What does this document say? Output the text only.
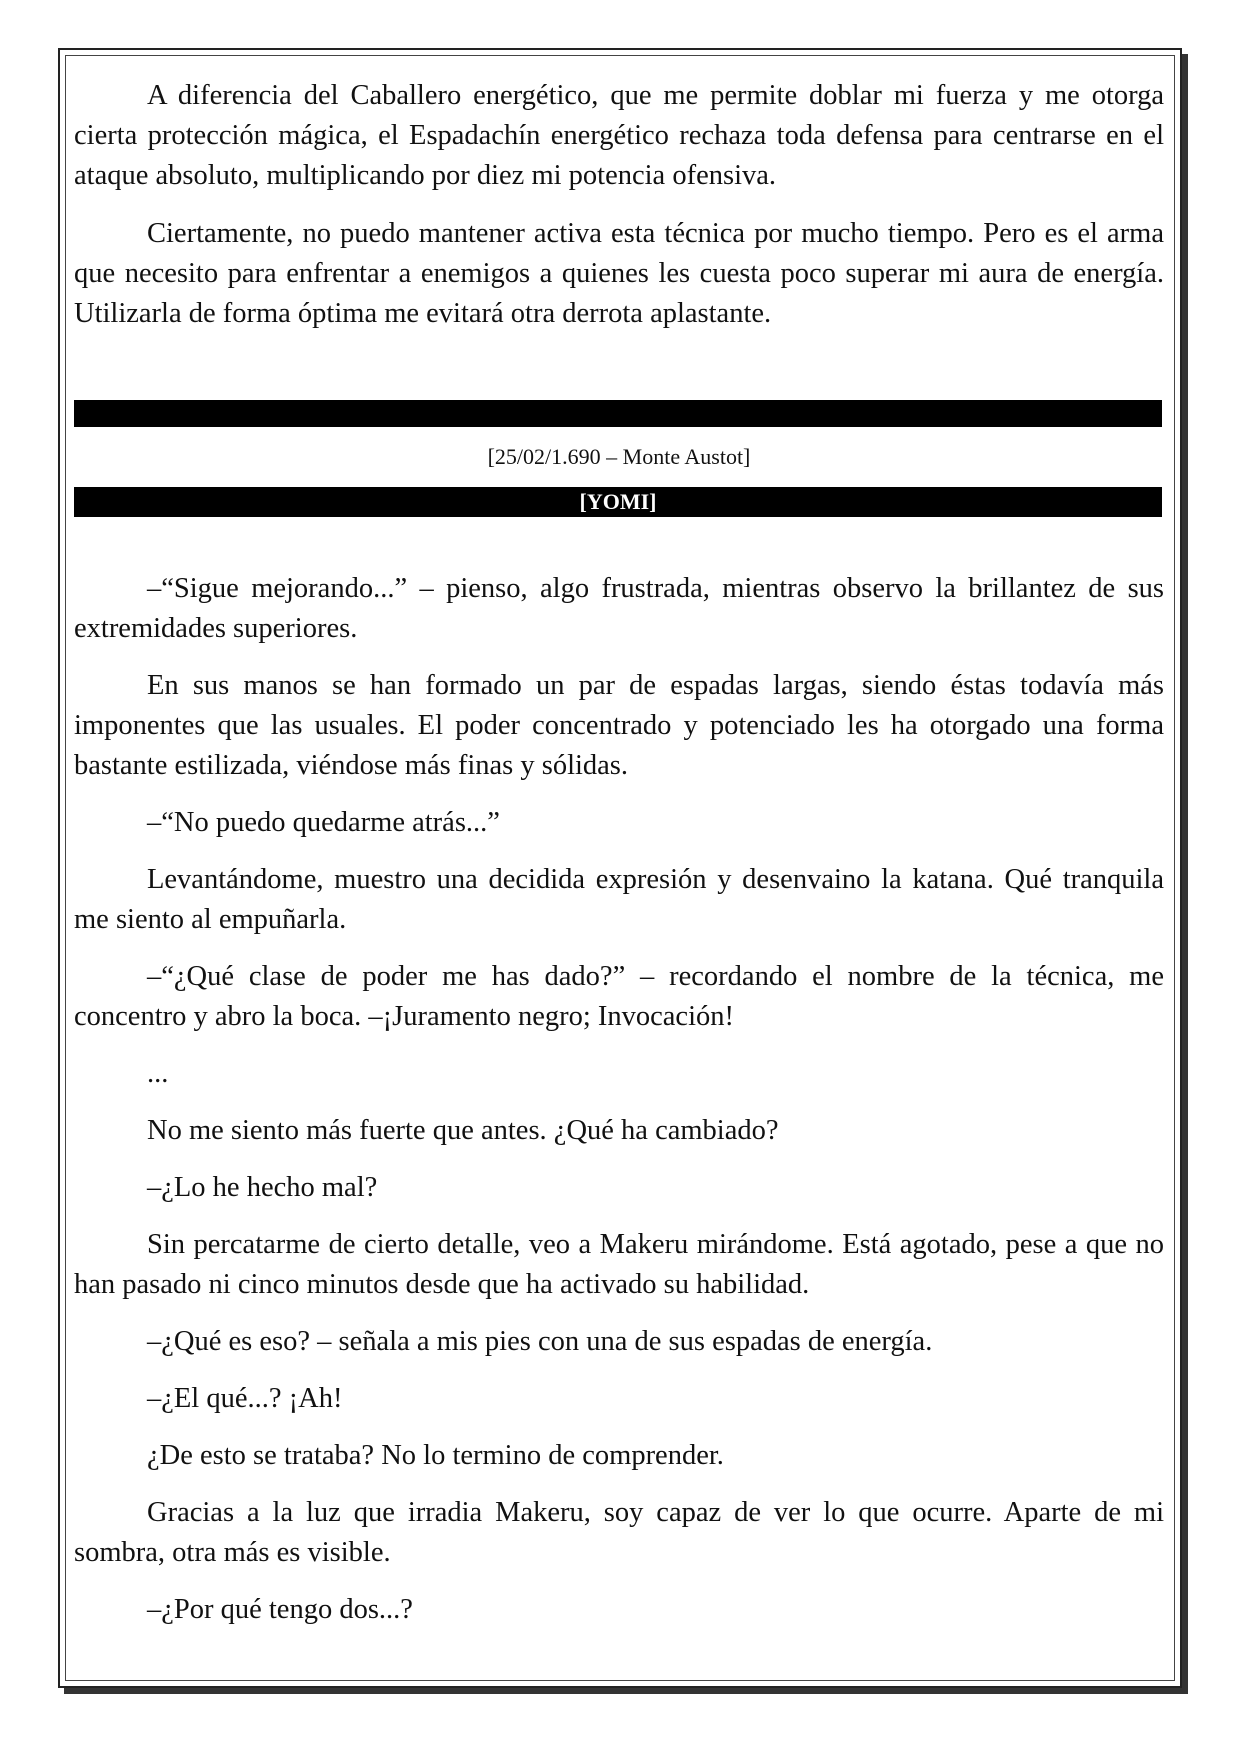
A diferencia del Caballero energético, que me permite doblar mi fuerza y me otorga cierta protección mágica, el Espadachín energético rechaza toda defensa para centrarse en el ataque absoluto, multiplicando por diez mi potencia ofensiva.

Ciertamente, no puedo mantener activa esta técnica por mucho tiempo. Pero es el arma que necesito para enfrentar a enemigos a quienes les cuesta poco superar mi aura de energía. Utilizarla de forma óptima me evitará otra derrota aplastante.

[25/02/1.690 – Monte Austot]
[YOMI]

–“Sigue mejorando...” – pienso, algo frustrada, mientras observo la brillantez de sus extremidades superiores.

En sus manos se han formado un par de espadas largas, siendo éstas todavía más imponentes que las usuales. El poder concentrado y potenciado les ha otorgado una forma bastante estilizada, viéndose más finas y sólidas.

–“No puedo quedarme atrás...”

Levantándome, muestro una decidida expresión y desenvaino la katana. Qué tranquila me siento al empuñarla.

–“¿Qué clase de poder me has dado?” – recordando el nombre de la técnica, me concentro y abro la boca. –¡Juramento negro; Invocación!

...

No me siento más fuerte que antes. ¿Qué ha cambiado?

–¿Lo he hecho mal?

Sin percatarme de cierto detalle, veo a Makeru mirándome. Está agotado, pese a que no han pasado ni cinco minutos desde que ha activado su habilidad.

–¿Qué es eso? – señala a mis pies con una de sus espadas de energía.

–¿El qué...? ¡Ah!

¿De esto se trataba? No lo termino de comprender.

Gracias a la luz que irradia Makeru, soy capaz de ver lo que ocurre. Aparte de mi sombra, otra más es visible.

–¿Por qué tengo dos...?
